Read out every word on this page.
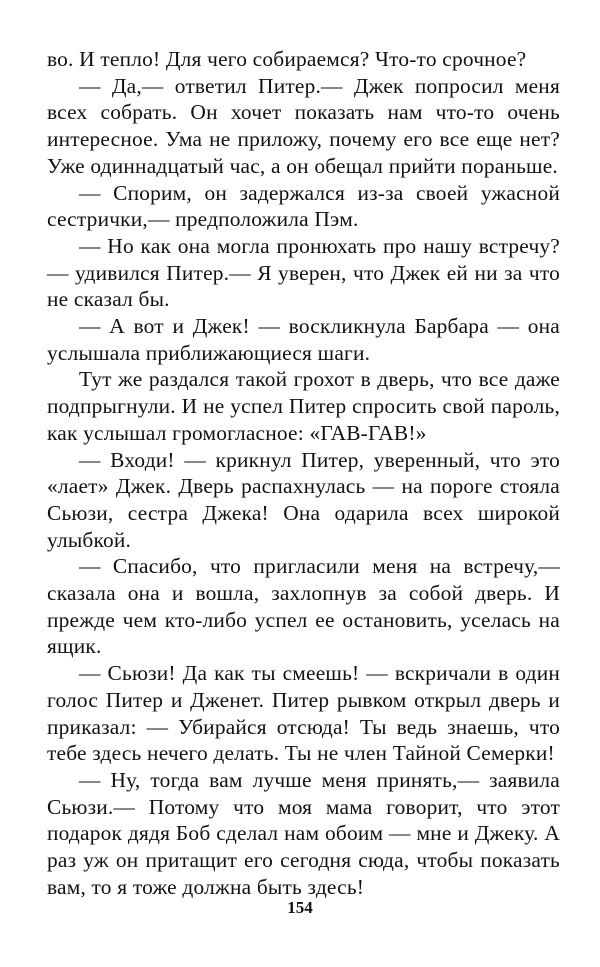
во. И тепло! Для чего собираемся? Что-то срочное?

— Да,— ответил Питер.— Джек попросил меня всех собрать. Он хочет показать нам что-то очень интересное. Ума не приложу, почему его все еще нет? Уже одиннадцатый час, а он обещал прийти пораньше.

— Спорим, он задержался из-за своей ужасной сестрички,— предположила Пэм.

— Но как она могла пронюхать про нашу встречу? — удивился Питер.— Я уверен, что Джек ей ни за что не сказал бы.

— А вот и Джек! — воскликнула Барбара — она услышала приближающиеся шаги.

Тут же раздался такой грохот в дверь, что все даже подпрыгнули. И не успел Питер спросить свой пароль, как услышал громогласное: «ГАВ-ГАВ!»

— Входи! — крикнул Питер, уверенный, что это «лает» Джек. Дверь распахнулась — на пороге стояла Сьюзи, сестра Джека! Она одарила всех широкой улыбкой.

— Спасибо, что пригласили меня на встречу,— сказала она и вошла, захлопнув за собой дверь. И прежде чем кто-либо успел ее остановить, уселась на ящик.

— Сьюзи! Да как ты смеешь! — вскричали в один голос Питер и Дженет. Питер рывком открыл дверь и приказал: — Убирайся отсюда! Ты ведь знаешь, что тебе здесь нечего делать. Ты не член Тайной Семерки!

— Ну, тогда вам лучше меня принять,— заявила Сьюзи.— Потому что моя мама говорит, что этот подарок дядя Боб сделал нам обоим — мне и Джеку. А раз уж он притащит его сегодня сюда, чтобы показать вам, то я тоже должна быть здесь!

154
